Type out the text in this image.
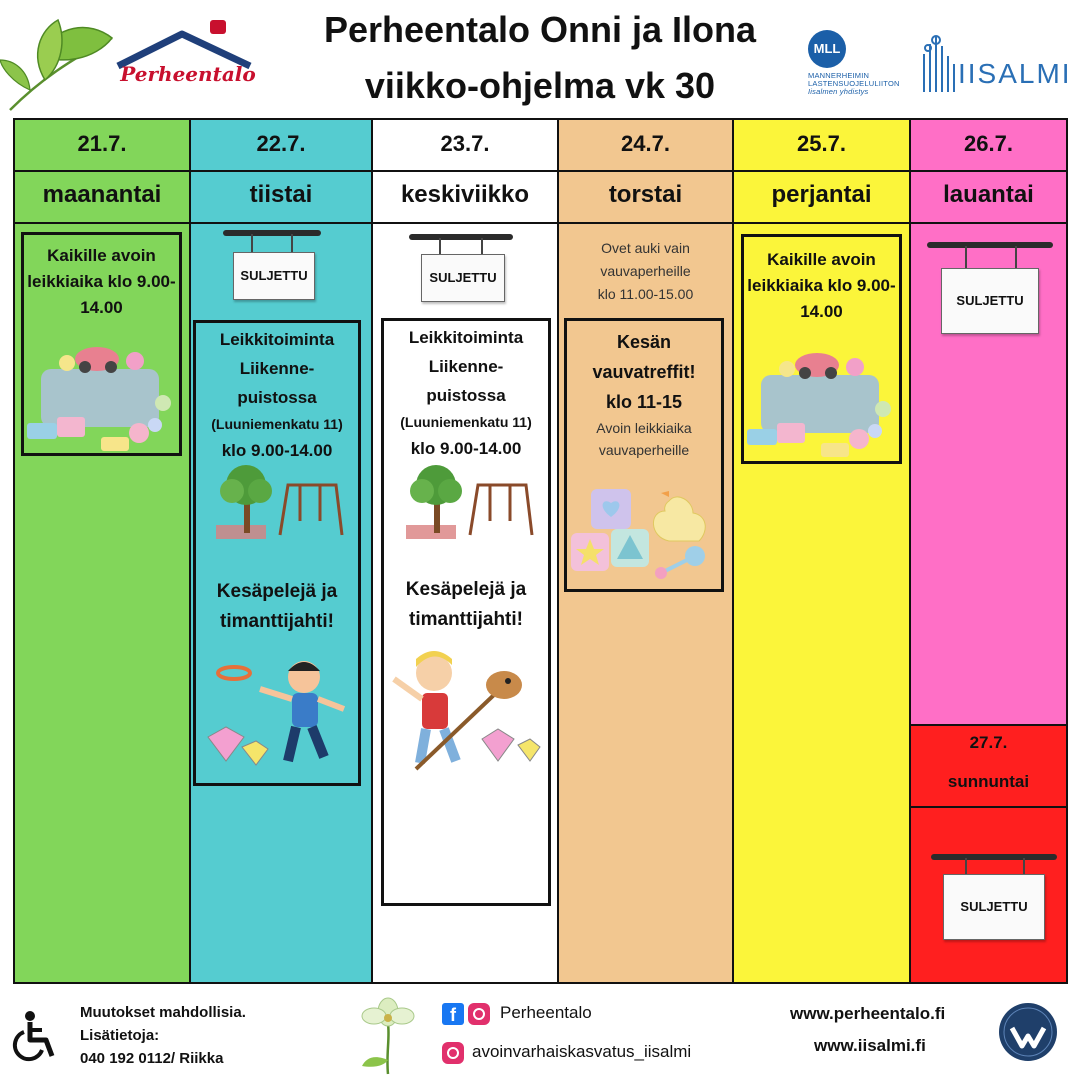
Perheentalo
Perheentalo Onni ja Ilona
viikko-ohjelma vk 30
MLL
MANNERHEIMIN
LASTENSUOJELULIITON
Iisalmen yhdistys
IISALMI
21.7.
maanantai
Kaikille avoin leikkiaika klo 9.00-14.00
22.7.
tiistai
SULJETTU
Leikkitoiminta
Liikenne-
puistossa
(Luuniemenkatu 11)
klo 9.00-14.00
Kesäpelejä ja
timanttijahti!
23.7.
keskiviikko
SULJETTU
Leikkitoiminta
Liikenne-
puistossa
(Luuniemenkatu 11)
klo 9.00-14.00
Kesäpelejä ja
timanttijahti!
24.7.
torstai
Ovet auki vain
vauvaperheille
klo 11.00-15.00
Kesän
vauvatreffit!
klo 11-15
Avoin leikkiaika
vauvaperheille
25.7.
perjantai
Kaikille avoin leikkiaika klo 9.00-14.00
26.7.
lauantai
SULJETTU
27.7.
sunnuntai
SULJETTU
Muutokset mahdollisia.
Lisätietoja:
040 192 0112/ Riikka
f	Perheentalo
avoinvarhaiskasvatus_iisalmi
www.perheentalo.fi
www.iisalmi.fi
